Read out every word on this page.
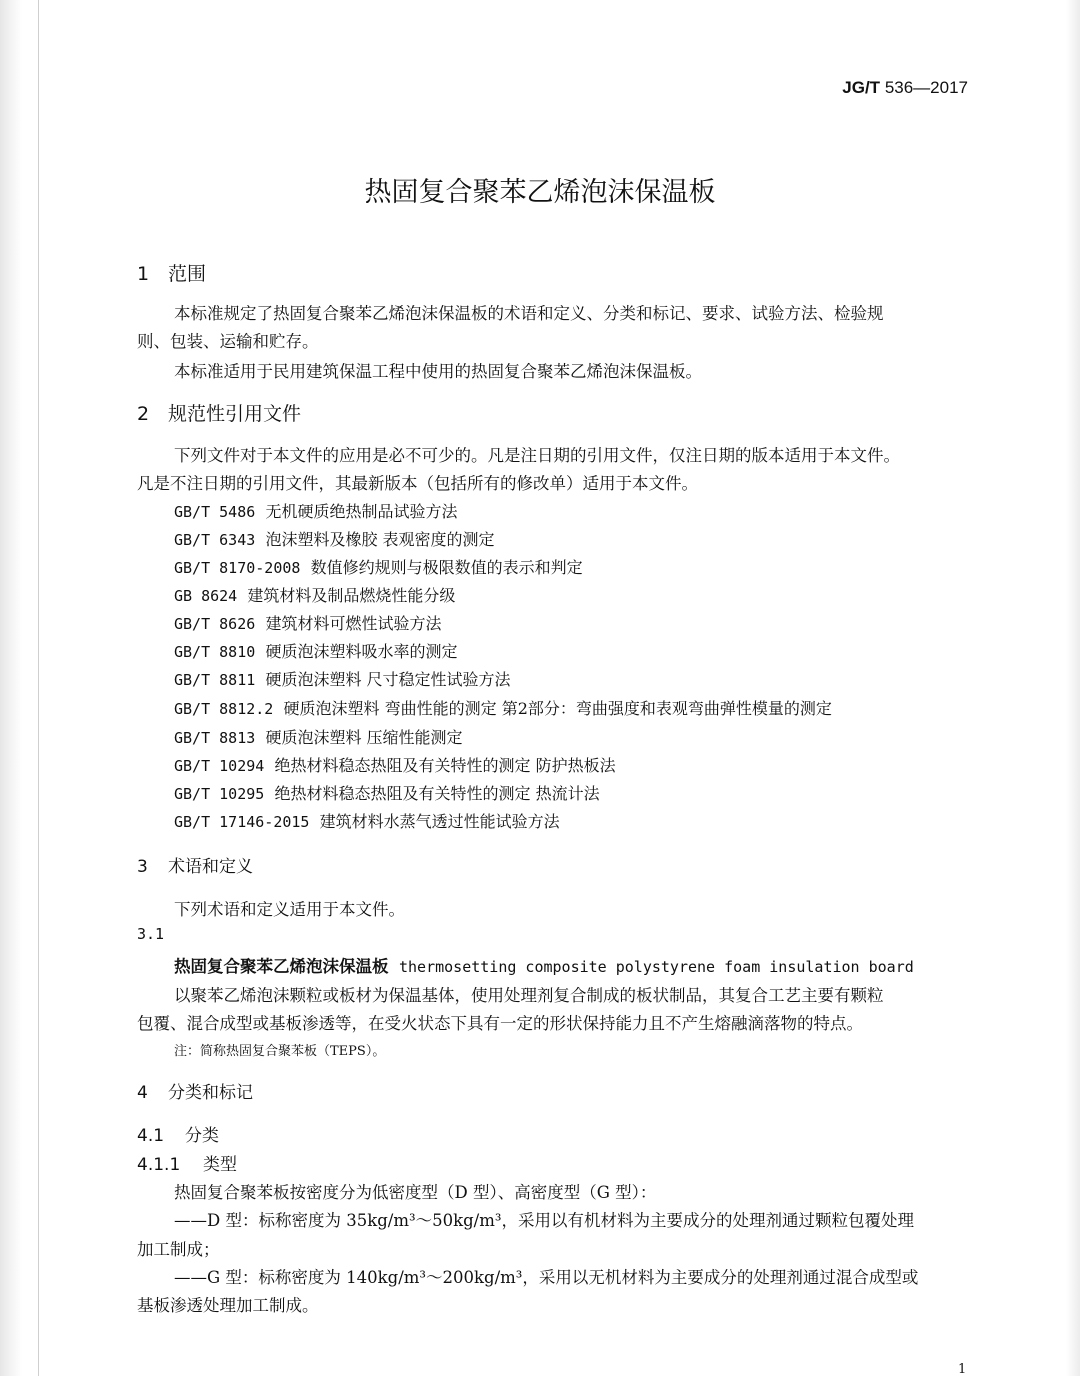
JG/T 536—2017
热固复合聚苯乙烯泡沫保温板
1 范围
本标准规定了热固复合聚苯乙烯泡沫保温板的术语和定义、分类和标记、要求、试验方法、检验规
则、包装、运输和贮存。
本标准适用于民用建筑保温工程中使用的热固复合聚苯乙烯泡沫保温板。
2 规范性引用文件
下列文件对于本文件的应用是必不可少的。凡是注日期的引用文件，仅注日期的版本适用于本文件。
凡是不注日期的引用文件，其最新版本（包括所有的修改单）适用于本文件。
GB/T 5486 无机硬质绝热制品试验方法
GB/T 6343 泡沫塑料及橡胶 表观密度的测定
GB/T 8170-2008 数值修约规则与极限数值的表示和判定
GB 8624 建筑材料及制品燃烧性能分级
GB/T 8626 建筑材料可燃性试验方法
GB/T 8810 硬质泡沫塑料吸水率的测定
GB/T 8811 硬质泡沫塑料 尺寸稳定性试验方法
GB/T 8812.2 硬质泡沫塑料 弯曲性能的测定 第2部分：弯曲强度和表观弯曲弹性模量的测定
GB/T 8813 硬质泡沫塑料 压缩性能测定
GB/T 10294 绝热材料稳态热阻及有关特性的测定 防护热板法
GB/T 10295 绝热材料稳态热阻及有关特性的测定 热流计法
GB/T 17146-2015 建筑材料水蒸气透过性能试验方法
3 术语和定义
下列术语和定义适用于本文件。
3.1
热固复合聚苯乙烯泡沫保温板 thermosetting composite polystyrene foam insulation board
以聚苯乙烯泡沫颗粒或板材为保温基体，使用处理剂复合制成的板状制品，其复合工艺主要有颗粒
包覆、混合成型或基板渗透等，在受火状态下具有一定的形状保持能力且不产生熔融滴落物的特点。
注：简称热固复合聚苯板（TEPS）。
4 分类和标记
4.1 分类
4.1.1 类型
热固复合聚苯板按密度分为低密度型（D 型）、高密度型（G 型）：
——D 型：标称密度为 35kg/m³～50kg/m³，采用以有机材料为主要成分的处理剂通过颗粒包覆处理
加工制成；
——G 型：标称密度为 140kg/m³～200kg/m³，采用以无机材料为主要成分的处理剂通过混合成型或
基板渗透处理加工制成。
1
